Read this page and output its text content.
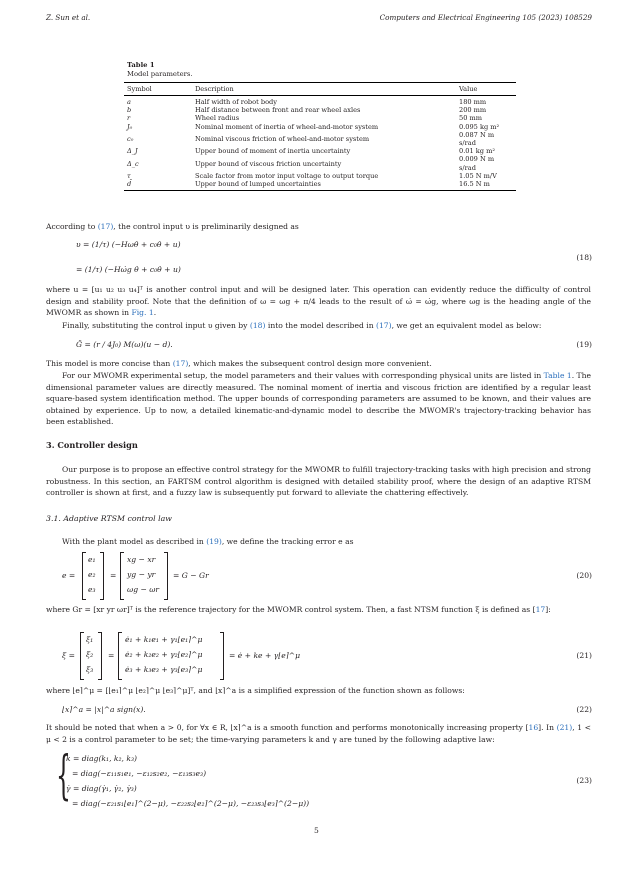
Z. Sun et al.	Computers and Electrical Engineering 105 (2023) 108529
Table 1
Model parameters.
Symbol	Description	Value
a	Half width of robot body	180 mm
b	Half distance between front and rear wheel axles	200 mm
r	Wheel radius	50 mm
J₀	Nominal moment of inertia of wheel-and-motor system	0.095 kg m²
c₀	Nominal viscous friction of wheel-and-motor system	0.087 N m s/rad
Δ_J	Upper bound of moment of inertia uncertainty	0.01 kg m²
Δ_c	Upper bound of viscous friction uncertainty	0.009 N m s/rad
τ	Scale factor from motor input voltage to output torque	1.05 N m/V
d̄	Upper bound of lumped uncertainties	16.5 N m

According to (17), the control input υ is preliminarily designed as

υ = (1/τ) (−Hωθ̇ + c₀θ̇ + u)
= (1/τ) (−Hω̇g θ̇ + c₀θ̇ + u)
(18)

where u = [u₁ u₂ u₃ u₄]ᵀ is another control input and will be designed later. This operation can evidently reduce the difficulty of control design and stability proof. Note that the definition of ω = ωg + π/4 leads to the result of ω̇ = ω̇g, where ωg is the heading angle of the MWOMR as shown in Fig. 1.

Finally, substituting the control input υ given by (18) into the model described in (17), we get an equivalent model as below:

G̈ = (r / 4J₀) M(ω)(u − d).	(19)

This model is more concise than (17), which makes the subsequent control design more convenient.

For our MWOMR experimental setup, the model parameters and their values with corresponding physical units are listed in Table 1. The dimensional parameter values are directly measured. The nominal moment of inertia and viscous friction are identified by a regular least square-based system identification method. The upper bounds of corresponding parameters are assumed to be known, and their values are obtained by experience. Up to now, a detailed kinematic-and-dynamic model to describe the MWOMR's trajectory-tracking behavior has been established.

3. Controller design

Our purpose is to propose an effective control strategy for the MWOMR to fulfill trajectory-tracking tasks with high precision and strong robustness. In this section, an FARTSM control algorithm is designed with detailed stability proof, where the design of an adaptive RTSM controller is shown at first, and a fuzzy law is subsequently put forward to alleviate the chattering effectively.

3.1. Adaptive RTSM control law

With the plant model as described in (19), we define the tracking error e as

e =
e₁
e₂
e₃
=
xg − xr
yg − yr
ωg − ωr
= G − Gr	(20)

where Gr = [xr yr ωr]ᵀ is the reference trajectory for the MWOMR control system. Then, a fast NTSM function ξ is defined as [17]:

ξ =
ξ₁
ξ₂
ξ₃
=
ė₁ + k₁e₁ + γ₁⌊e₁⌉^μ
ė₂ + k₂e₂ + γ₂⌊e₂⌉^μ
ė₃ + k₃e₃ + γ₃⌊e₃⌉^μ
= ė + ke + γ⌊e⌉^μ	(21)

where ⌊e⌉^μ = [⌊e₁⌉^μ ⌊e₂⌉^μ ⌊e₃⌉^μ]ᵀ, and ⌊x⌉^a is a simplified expression of the function shown as follows:

⌊x⌉^a = |x|^a sign(x).	(22)

It should be noted that when a > 0, for ∀x ∈ R, ⌊x⌉^a is a smooth function and performs monotonically increasing property [16]. In (21), 1 < μ < 2 is a control parameter to be set; the time-varying parameters k and γ are tuned by the following adaptive law:

{
k = diag(k₁, k₂, k₃)
= diag(−ε₁₁s₁e₁, −ε₁₂s₂e₂, −ε₁₃s₃e₃)
γ̇ = diag(γ̇₁, γ̇₂, γ̇₃)
= diag(−ε₂₁s₁⌊e₁⌉^(2−μ), −ε₂₂s₂⌊e₂⌉^(2−μ), −ε₂₃s₃⌊e₃⌉^(2−μ))
(23)
5
